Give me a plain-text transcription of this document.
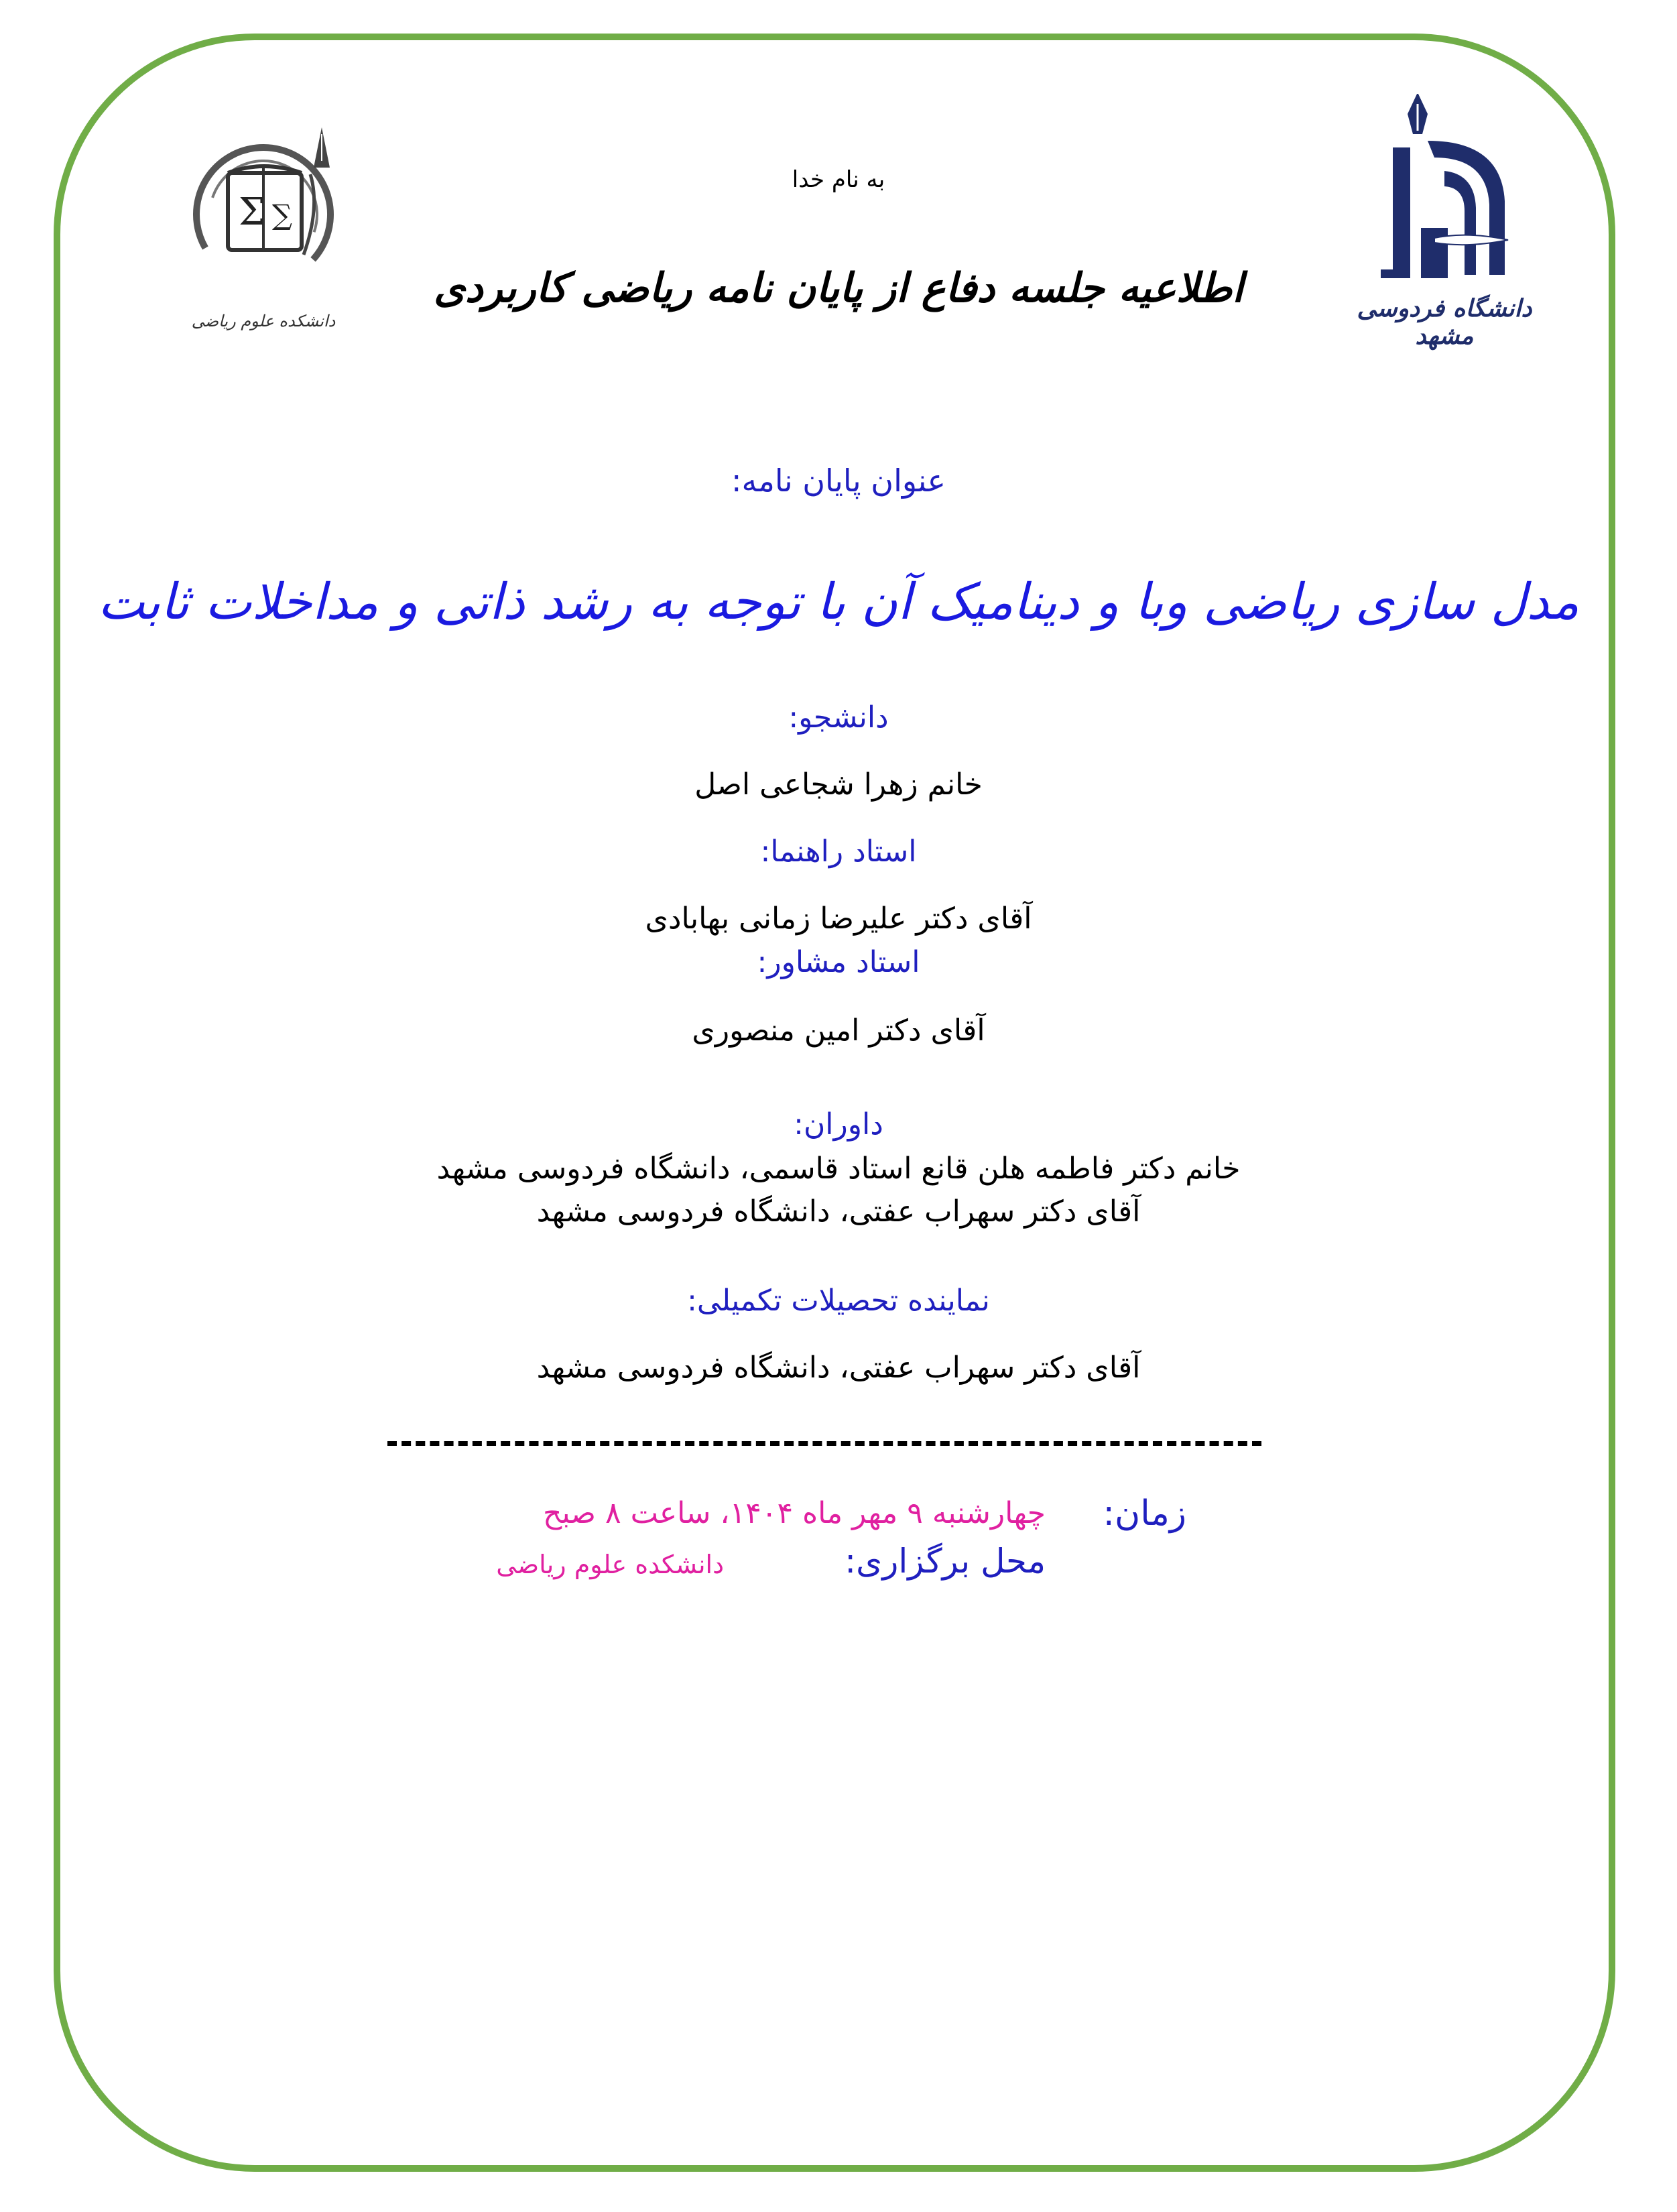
Σ ∑
دانشکده علوم ریاضی	دانشگاه فردوسی مشهد
به نام خدا
اطلاعیه جلسه دفاع از پایان نامه ریاضی کاربردی
عنوان پایان نامه:
مدل سازی ریاضی وبا و دینامیک آن با توجه به رشد ذاتی و مداخلات ثابت
دانشجو:
خانم زهرا شجاعی اصل
استاد راهنما:
آقای دکتر علیرضا زمانی بهابادی
استاد مشاور:
آقای دکتر امین منصوری
داوران:
خانم دکتر فاطمه هلن قانع استاد قاسمی، دانشگاه فردوسی مشهد
آقای دکتر سهراب عفتی، دانشگاه فردوسی مشهد
نماینده تحصیلات تکمیلی:
آقای دکتر سهراب عفتی، دانشگاه فردوسی مشهد
زمان:
چهارشنبه ۹ مهر ماه ۱۴۰۴، ساعت ۸ صبح
محل برگزاری:
دانشکده علوم ریاضی
